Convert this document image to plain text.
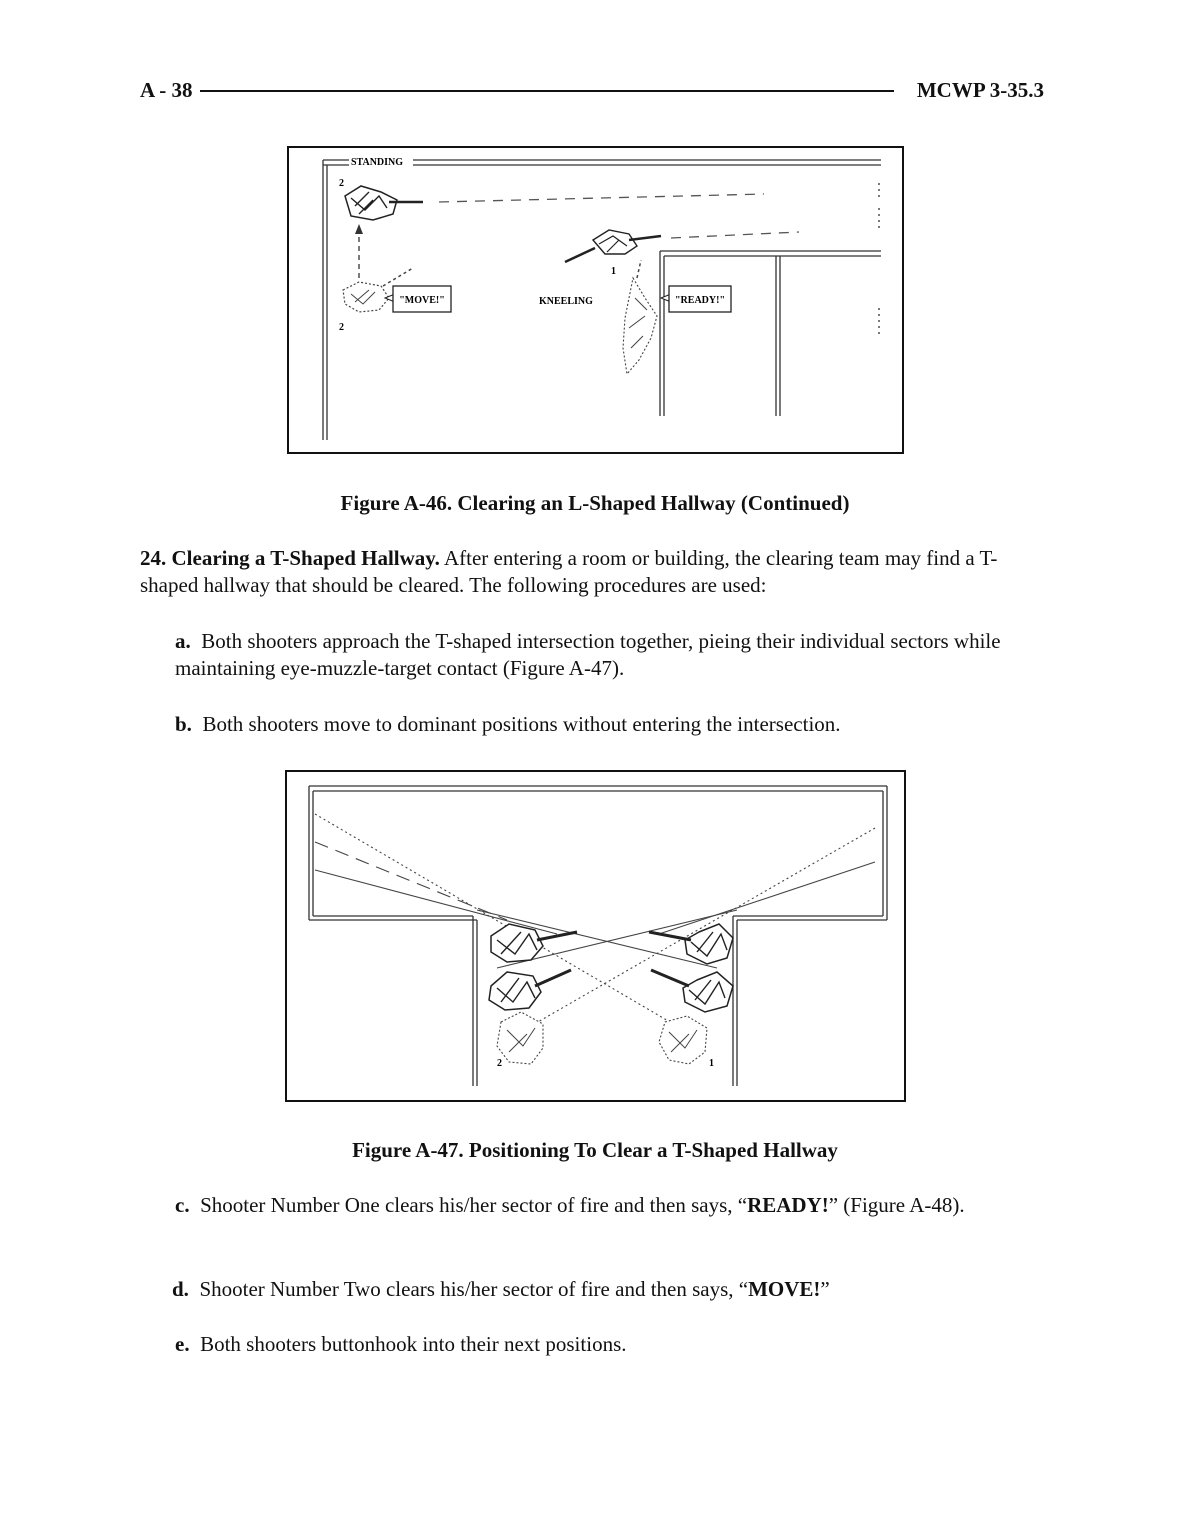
A - 38	MCWP 3-35.3
STANDING
2
2
"MOVE!"	KNEELING
1
"READY!"
Figure A-46. Clearing an L-Shaped Hallway (Continued)
24. Clearing a T-Shaped Hallway. After entering a room or building, the clearing team may find a T-shaped hallway that should be cleared. The following procedures are used:
a. Both shooters approach the T-shaped intersection together, pieing their individual sectors while maintaining eye-muzzle-target contact (Figure A-47).
b. Both shooters move to dominant positions without entering the intersection.
2	1
Figure A-47. Positioning To Clear a T-Shaped Hallway
c. Shooter Number One clears his/her sector of fire and then says, “READY!” (Figure A-48).
d. Shooter Number Two clears his/her sector of fire and then says, “MOVE!”
e. Both shooters buttonhook into their next positions.
